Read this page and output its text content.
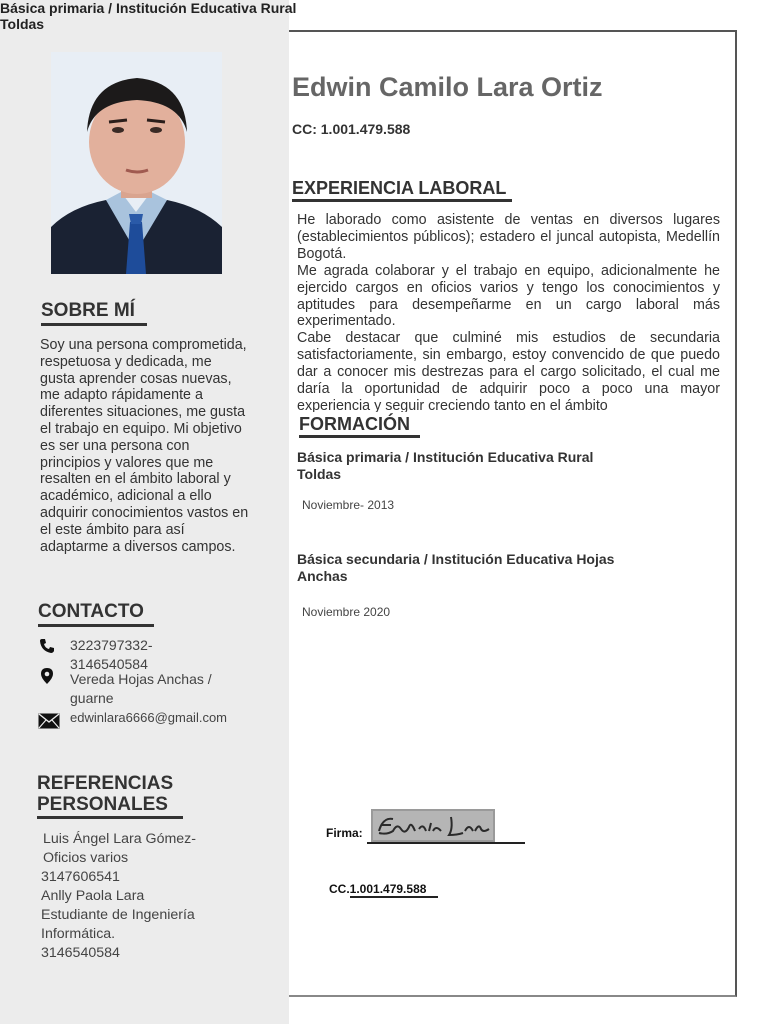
Básica primaria / Institución Educativa Rural
Toldas
SOBRE MÍ
Soy una persona comprometida, respetuosa y dedicada, me gusta aprender cosas nuevas, me adapto rápidamente a diferentes situaciones, me gusta el trabajo en equipo. Mi objetivo es ser una persona con principios y valores que me resalten en el ámbito laboral y académico, adicional a ello adquirir conocimientos vastos en el este ámbito para así adaptarme a diversos campos.
CONTACTO
3223797332-
3146540584
Vereda Hojas Anchas /
guarne
edwinlara6666@gmail.com
REFERENCIAS
PERSONALES
Luis Ángel Lara Gómez-
Oficios varios
3147606541
Anlly Paola Lara
Estudiante de Ingeniería
Informática.
3146540584
Edwin Camilo Lara Ortiz
CC: 1.001.479.588
EXPERIENCIA LABORAL

He laborado como asistente de ventas en diversos lugares (establecimientos públicos); estadero el juncal autopista, Medellín Bogotá.

Me agrada colaborar y el trabajo en equipo, adicionalmente he ejercido cargos en oficios varios y tengo los conocimientos y aptitudes para desempeñarme en un cargo laboral más experimentado.

Cabe destacar que culminé mis estudios de secundaria satisfactoriamente, sin embargo, estoy convencido de que puedo dar a conocer mis destrezas para el cargo solicitado, el cual me daría la oportunidad de adquirir poco a poco una mayor experiencia y seguir creciendo tanto en el ámbito

FORMACIÓN
Básica primaria / Institución Educativa Rural
Toldas
Noviembre- 2013
Básica secundaria / Institución Educativa Hojas
Anchas
Noviembre 2020
Firma:
CC.1.001.479.588
